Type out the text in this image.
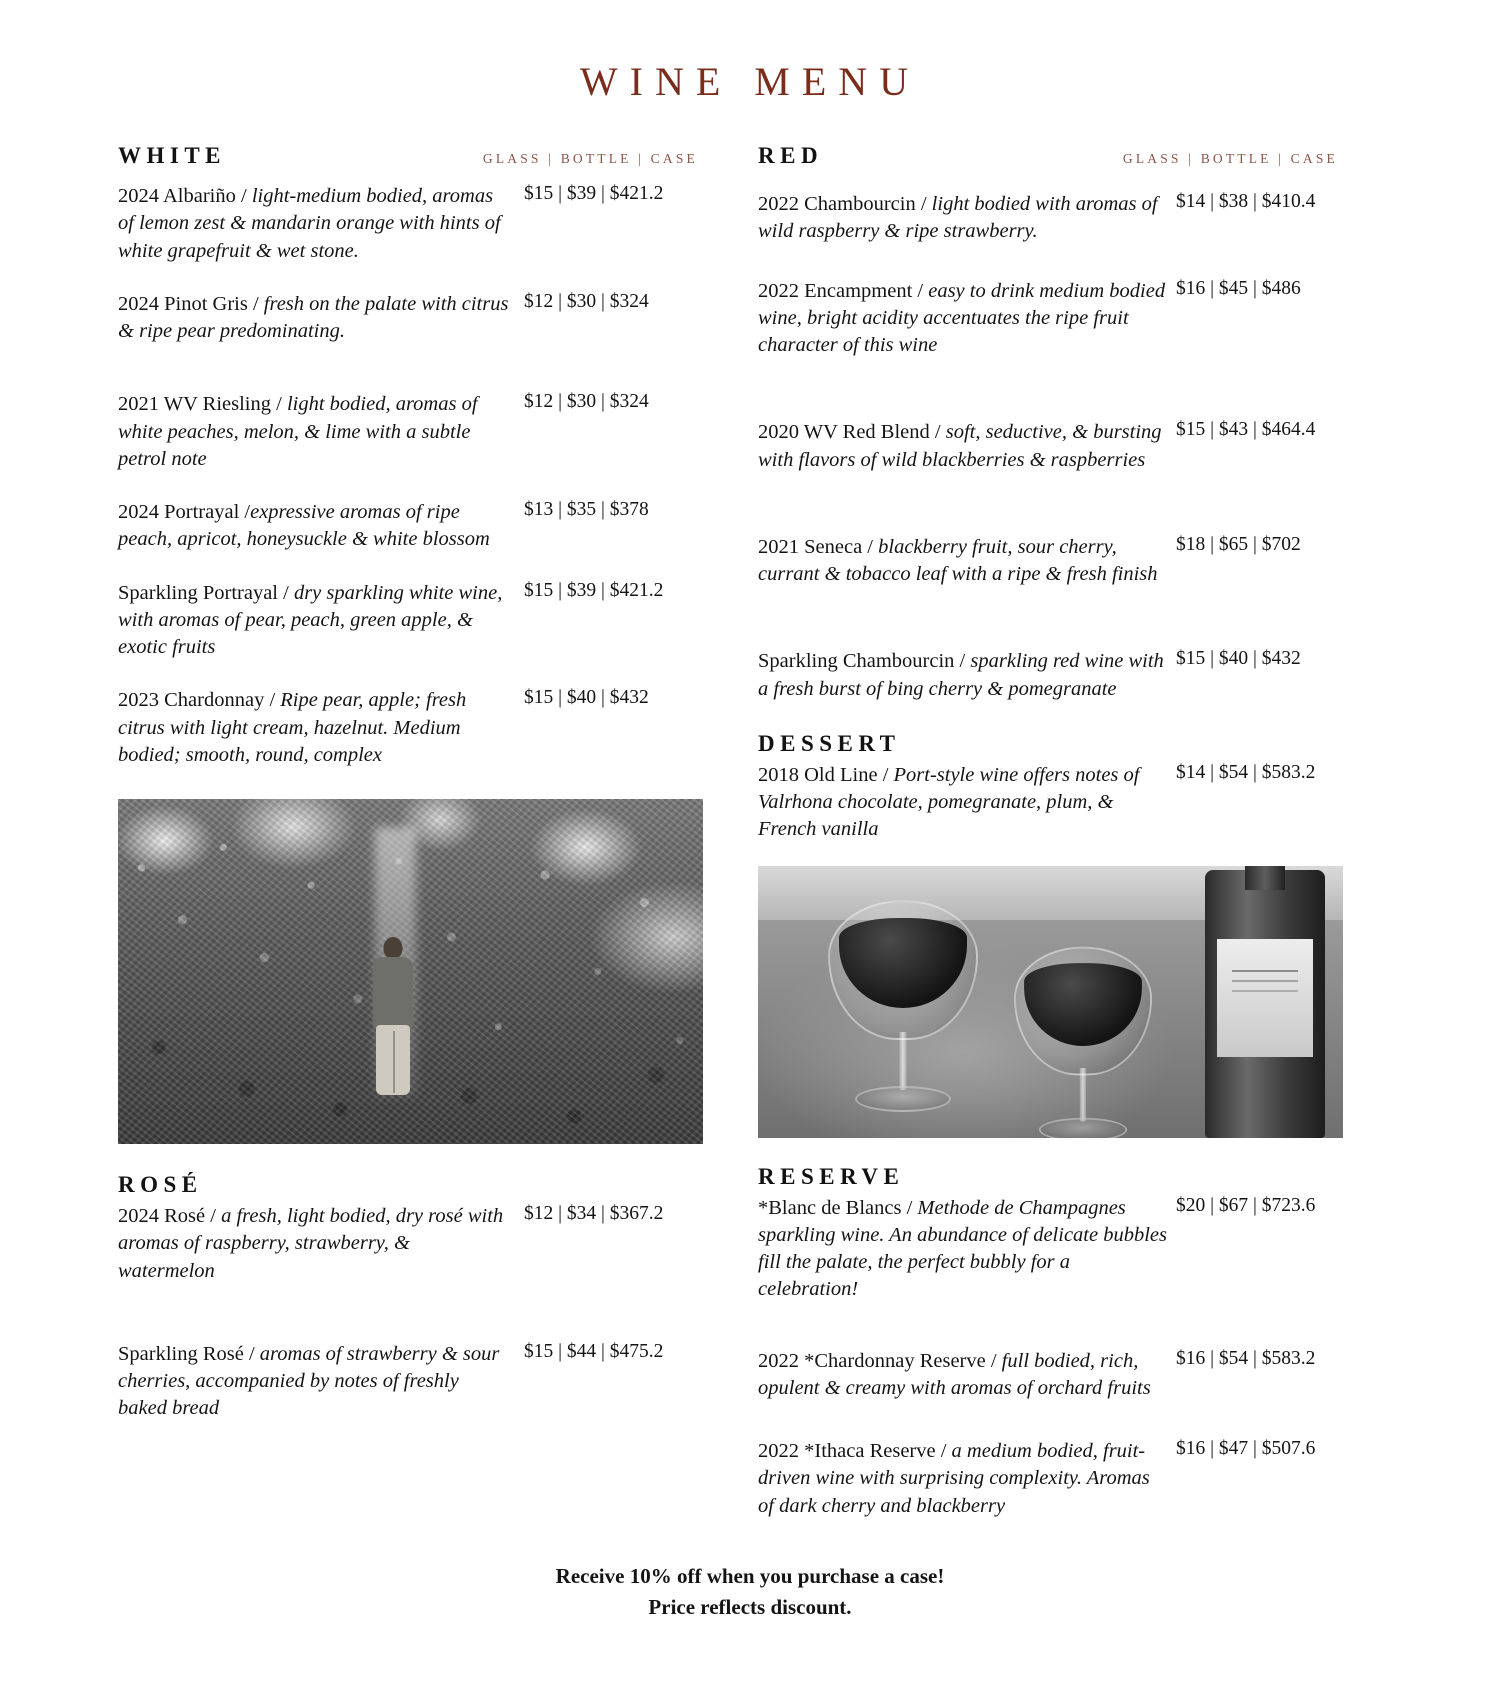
WINE MENU
WHITE	GLASS | BOTTLE | CASE
2024 Albariño / light-medium bodied, aromas of lemon zest & mandarin orange with hints of white grapefruit & wet stone.
$15 | $39 | $421.2
2024 Pinot Gris / fresh on the palate with citrus & ripe pear predominating.
$12 | $30 | $324
2021 WV Riesling / light bodied, aromas of white peaches, melon, & lime with a subtle petrol note
$12 | $30 | $324
2024 Portrayal /expressive aromas of ripe peach, apricot, honeysuckle & white blossom
$13 | $35 | $378
Sparkling Portrayal / dry sparkling white wine, with aromas of pear, peach, green apple, & exotic fruits
$15 | $39 | $421.2
2023 Chardonnay / Ripe pear, apple; fresh citrus with light cream, hazelnut. Medium bodied; smooth, round, complex
$15 | $40 | $432
ROSÉ
2024 Rosé / a fresh, light bodied, dry rosé with aromas of raspberry, strawberry, & watermelon
$12 | $34 | $367.2
Sparkling Rosé / aromas of strawberry & sour cherries, accompanied by notes of freshly baked bread
$15 | $44 | $475.2
RED	GLASS | BOTTLE | CASE
2022 Chambourcin / light bodied with aromas of wild raspberry & ripe strawberry.
$14 | $38 | $410.4
2022 Encampment / easy to drink medium bodied wine, bright acidity accentuates the ripe fruit character of this wine
$16 | $45 | $486
2020 WV Red Blend / soft, seductive, & bursting with flavors of wild blackberries & raspberries
$15 | $43 | $464.4
2021 Seneca / blackberry fruit, sour cherry, currant & tobacco leaf with a ripe & fresh finish
$18 | $65 | $702
Sparkling Chambourcin / sparkling red wine with a fresh burst of bing cherry & pomegranate
$15 | $40 | $432
DESSERT
2018 Old Line / Port-style wine offers notes of Valrhona chocolate, pomegranate, plum, & French vanilla
$14 | $54 | $583.2
RESERVE
*Blanc de Blancs / Methode de Champagnes sparkling wine. An abundance of delicate bubbles fill the palate, the perfect bubbly for a celebration!
$20 | $67 | $723.6
2022 *Chardonnay Reserve / full bodied, rich, opulent & creamy with aromas of orchard fruits
$16 | $54 | $583.2
2022 *Ithaca Reserve / a medium bodied, fruit-driven wine with surprising complexity. Aromas of dark cherry and blackberry
$16 | $47 | $507.6
Receive 10% off when you purchase a case!
Price reflects discount.
